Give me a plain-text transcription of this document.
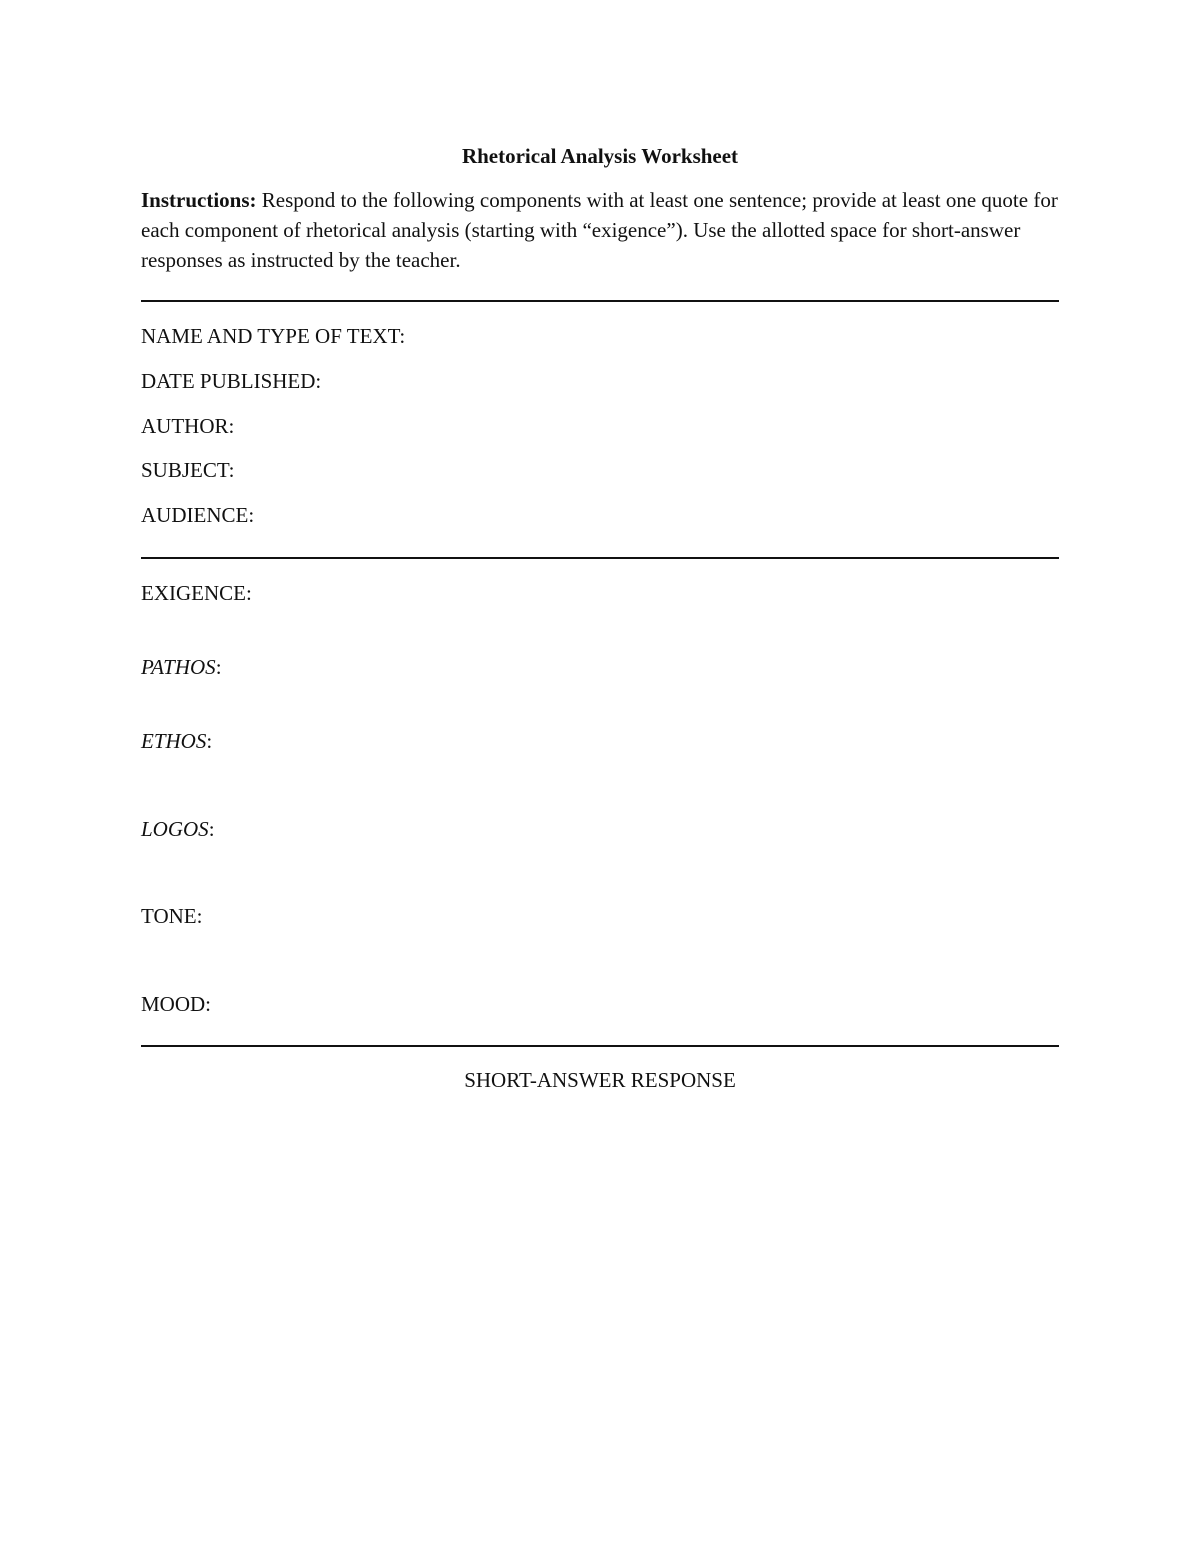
Rhetorical Analysis Worksheet
Instructions: Respond to the following components with at least one sentence; provide at least one quote for each component of rhetorical analysis (starting with “exigence”). Use the allotted space for short-answer responses as instructed by the teacher.
NAME AND TYPE OF TEXT:
DATE PUBLISHED:
AUTHOR:
SUBJECT:
AUDIENCE:
EXIGENCE:
PATHOS:
ETHOS:
LOGOS:
TONE:
MOOD:
SHORT-ANSWER RESPONSE
